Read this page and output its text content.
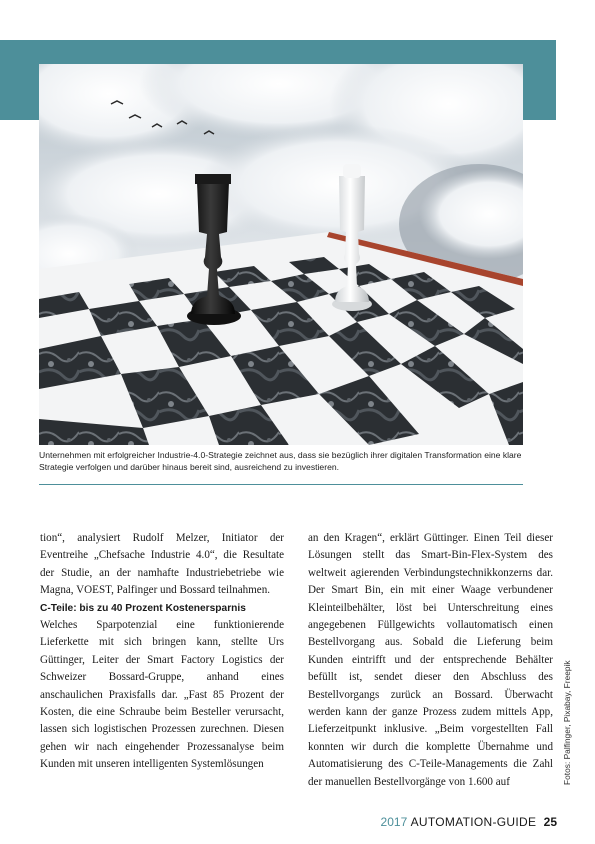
Unternehmen mit erfolgreicher Industrie-4.0-Strategie zeichnet aus, dass sie bezüglich ihrer digitalen Transformation eine klare Strategie verfolgen und darüber hinaus bereit sind, ausreichend zu investieren.

tion“, analysiert Rudolf Melzer, Initiator der Eventreihe „Chefsache Industrie 4.0“, die Resultate der Studie, an der namhafte Industriebetriebe wie Magna, VOEST, Palfinger und Bossard teilnahmen.

C-Teile: bis zu 40 Prozent Kostenersparnis

Welches Sparpotenzial eine funktionierende Lieferkette mit sich bringen kann, stellte Urs Güttinger, Leiter der Smart Factory Logistics der Schweizer Bossard-Gruppe, anhand eines anschaulichen Praxisfalls dar. „Fast 85 Prozent der Kosten, die eine Schraube beim Besteller verursacht, lassen sich logistischen Prozessen zurechnen. Diesen gehen wir nach eingehender Prozessanalyse beim Kunden mit unseren intelligenten Systemlösungen

an den Kragen“, erklärt Güttinger. Einen Teil dieser Lösungen stellt das Smart-Bin-Flex-System des weltweit agierenden Verbindungstechnikkonzerns dar. Der Smart Bin, ein mit einer Waage verbundener Kleinteilbehälter, löst bei Unterschreitung eines angegebenen Füllgewichts vollautomatisch einen Bestellvorgang aus. Sobald die Lieferung beim Kunden eintrifft und der entsprechende Behälter befüllt ist, sendet dieser den Abschluss des Bestellvorgangs zurück an Bossard. Überwacht werden kann der ganze Prozess zudem mittels App, Lieferzeitpunkt inklusive. „Beim vorgestellten Fall konnten wir durch die komplette Übernahme und Automatisierung des C-Teile-Managements die Zahl der manuellen Bestellvorgänge von 1.600 auf	Fotos: Palfinger, Pixabay, Freepik
2017 AUTOMATION-GUIDE 25
